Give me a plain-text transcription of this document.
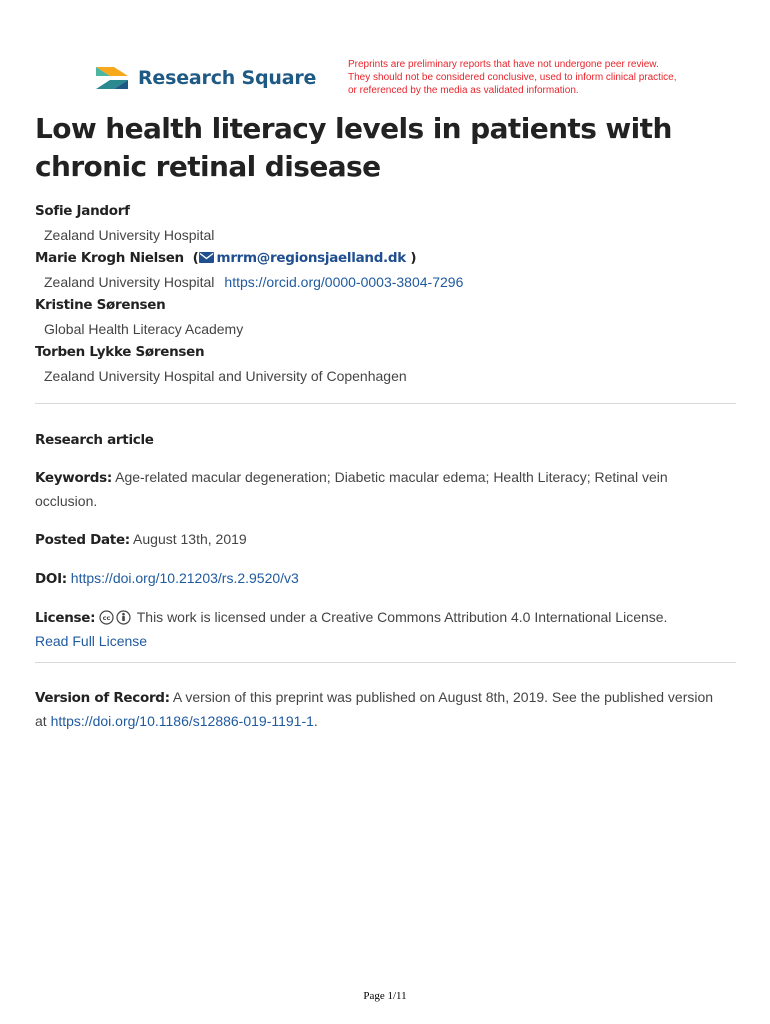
Research Square
Preprints are preliminary reports that have not undergone peer review.
They should not be considered conclusive, used to inform clinical practice,
or referenced by the media as validated information.
Low health literacy levels in patients with chronic retinal disease
Sofie Jandorf
Zealand University Hospital
Marie Krogh Nielsen  ( mrrm@regionsjaelland.dk )
Zealand University Hospital https://orcid.org/0000-0003-3804-7296
Kristine Sørensen
Global Health Literacy Academy
Torben Lykke Sørensen
Zealand University Hospital and University of Copenhagen
Research article
Keywords: Age-related macular degeneration; Diabetic macular edema; Health Literacy; Retinal vein occlusion.
Posted Date: August 13th, 2019
DOI: https://doi.org/10.21203/rs.2.9520/v3
License: cc This work is licensed under a Creative Commons Attribution 4.0 International License.
Read Full License
Version of Record: A version of this preprint was published on August 8th, 2019. See the published version at https://doi.org/10.1186/s12886-019-1191-1.
Page 1/11
